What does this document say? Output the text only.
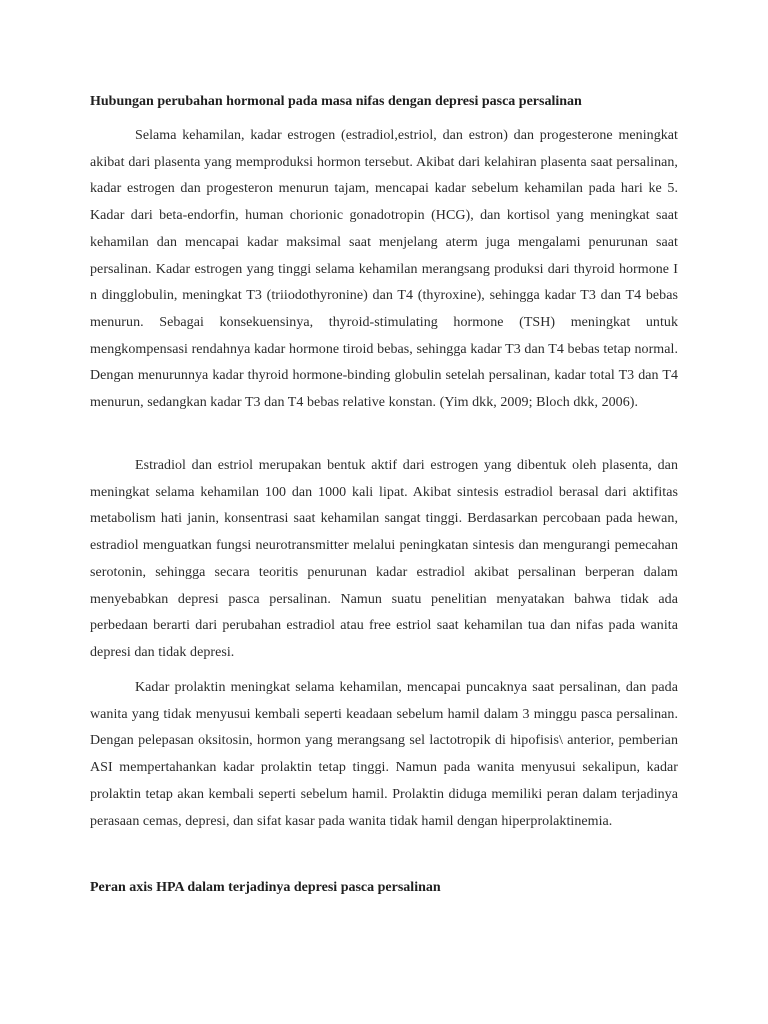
Hubungan perubahan hormonal pada masa nifas dengan depresi pasca persalinan

Selama kehamilan, kadar estrogen (estradiol,estriol, dan estron) dan progesterone meningkat akibat dari plasenta yang memproduksi hormon tersebut. Akibat dari kelahiran plasenta saat persalinan, kadar estrogen dan progesteron menurun tajam, mencapai kadar sebelum kehamilan pada hari ke 5. Kadar dari beta-endorfin, human chorionic gonadotropin (HCG), dan kortisol yang meningkat saat kehamilan dan mencapai kadar maksimal saat menjelang aterm juga mengalami penurunan saat persalinan. Kadar estrogen yang tinggi selama kehamilan merangsang produksi dari thyroid hormone I n dingglobulin, meningkat T3 (triiodothyronine) dan T4 (thyroxine), sehingga kadar T3 dan T4 bebas menurun. Sebagai konsekuensinya, thyroid-stimulating hormone (TSH) meningkat untuk mengkompensasi rendahnya kadar hormone tiroid bebas, sehingga kadar T3 dan T4 bebas tetap normal. Dengan menurunnya kadar thyroid hormone-binding globulin setelah persalinan, kadar total T3 dan T4 menurun, sedangkan kadar T3 dan T4 bebas relative konstan. (Yim dkk, 2009; Bloch dkk, 2006).

Estradiol dan estriol merupakan bentuk aktif dari estrogen yang dibentuk oleh plasenta, dan meningkat selama kehamilan 100 dan 1000 kali lipat. Akibat sintesis estradiol berasal dari aktifitas metabolism hati janin, konsentrasi saat kehamilan sangat tinggi. Berdasarkan percobaan pada hewan, estradiol menguatkan fungsi neurotransmitter melalui peningkatan sintesis dan mengurangi pemecahan serotonin, sehingga secara teoritis penurunan kadar estradiol akibat persalinan berperan dalam menyebabkan depresi pasca persalinan. Namun suatu penelitian menyatakan bahwa tidak ada perbedaan berarti dari perubahan estradiol atau free estriol saat kehamilan tua dan nifas pada wanita depresi dan tidak depresi.

Kadar prolaktin meningkat selama kehamilan, mencapai puncaknya saat persalinan, dan pada wanita yang tidak menyusui kembali seperti keadaan sebelum hamil dalam 3 minggu pasca persalinan. Dengan pelepasan oksitosin, hormon yang merangsang sel lactotropik di hipofisis\ anterior, pemberian ASI mempertahankan kadar prolaktin tetap tinggi. Namun pada wanita menyusui sekalipun, kadar prolaktin tetap akan kembali seperti sebelum hamil. Prolaktin diduga memiliki peran dalam terjadinya perasaan cemas, depresi, dan sifat kasar pada wanita tidak hamil dengan hiperprolaktinemia.

Peran axis HPA dalam terjadinya depresi pasca persalinan
